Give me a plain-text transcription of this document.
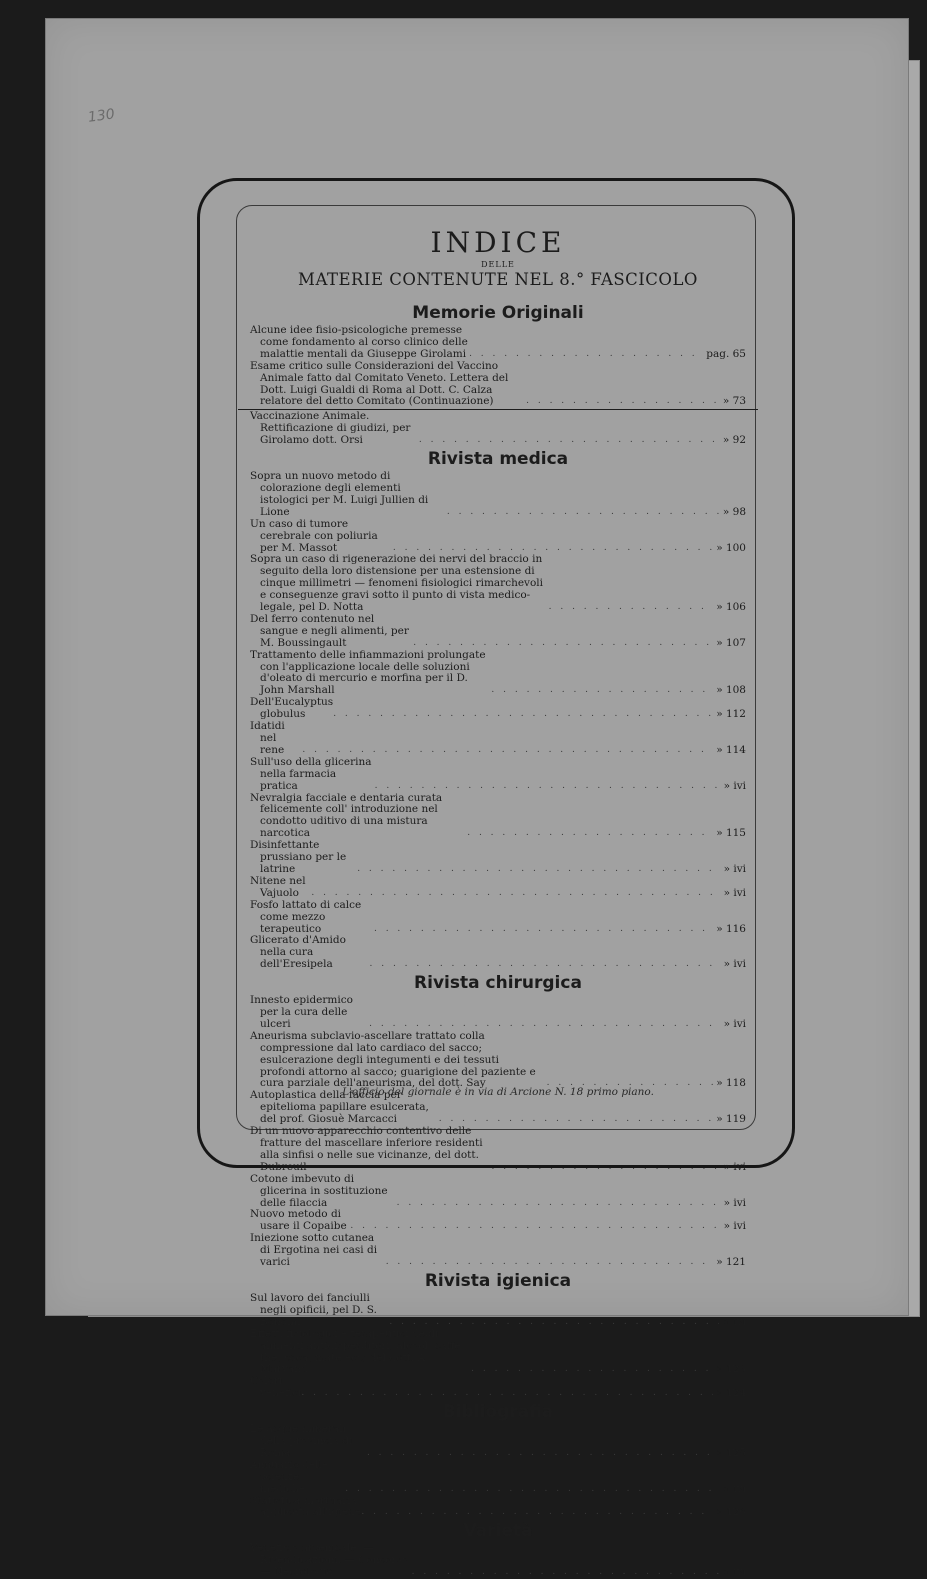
130
INDICE
DELLE
MATERIE CONTENUTE NEL 8.° FASCICOLO
Memorie Originali
Alcune idee fisio-psicologiche premesse come fondamento al corso clinico delle malattie mentali da Giuseppe Girolami . . .	pag. 65
Esame critico sulle Considerazioni del Vaccino Animale fatto dal Comitato Veneto. Lettera del Dott. Luigi Gualdi di Roma al Dott. C. Calza relatore del detto Comitato (Continuazione) . . .	» 73
Vaccinazione Animale. Rettificazione di giudizi, per Girolamo dott. Orsi . . .	» 92
Rivista medica
Sopra un nuovo metodo di colorazione degli elementi istologici per M. Luigi Jullien di Lione . . .	» 98
Un caso di tumore cerebrale con poliuria per M. Massot . . .	» 100
Sopra un caso di rigenerazione dei nervi del braccio in seguito della loro distensione per una estensione di cinque millimetri — fenomeni fisiologici rimarchevoli e conseguenze gravi sotto il punto di vista medico-legale, pel D. Notta . . .	» 106
Del ferro contenuto nel sangue e negli alimenti, per M. Boussingault . . .	» 107
Trattamento delle infiammazioni prolungate con l'applicazione locale delle soluzioni d'oleato di mercurio e morfina per il D. John Marshall . . .	» 108
Dell'Eucalyptus globulus . . .	» 112
Idatidi nel rene . . .	» 114
Sull'uso della glicerina nella farmacia pratica . . .	» ivi
Nevralgia facciale e dentaria curata felicemente coll' introduzione nel condotto uditivo di una mistura narcotica . . .	» 115
Disinfettante prussiano per le latrine . . .	» ivi
Nitene nel Vajuolo . . .	» ivi
Fosfo lattato di calce come mezzo terapeutico . . .	» 116
Glicerato d'Amido nella cura dell'Eresipela . . .	» ivi
Rivista chirurgica
Innesto epidermico per la cura delle ulceri . . .	» ivi
Aneurisma subclavio-ascellare trattato colla compressione dal lato cardiaco del sacco; esulcerazione degli integumenti e dei tessuti profondi attorno al sacco; guarigione del paziente e cura parziale dell'aneurisma, del dott. Say . . .	» 118
Autoplastica della faccia per epitelioma papillare esulcerata, del prof. Giosuè Marcacci . . .	» 119
Di un nuovo apparecchio contentivo delle fratture del mascellare inferiore residenti alla sinfisi o nelle sue vicinanze, del dott. Dubreuil . . .	» ivi
Cotone imbevuto di glicerina in sostituzione delle filaccia . . .	» ivi
Nuovo metodo di usare il Copaibe . . .	» ivi
Iniezione sotto cutanea di Ergotina nei casi di varici . . .	» 121
Rivista igienica
Sul lavoro dei fanciulli negli opificii, pel D. S. Bonomi . . .	» ivi
Effetti fisiologici e terapeutici degli alimenti antidisperditori, alcool, caffè, thè, coca, mate ecc; del dott. A. Marvand . . .	» 123
Colori venefici . . .	» 124
Bibliografia
Le acque minerali della provincia di Roma . . .	» 125
Annuario delle scienze mediche . . .	» ivi
Statistica mortuaria applicata all'igiene . . .	» 126
Varietà
Veneficio arsenicale. — Rivendicazioni. — Concorso. — Necrologia . . .	» ivi
L'officio del giornale è in via di Arcione N. 18 primo piano.
